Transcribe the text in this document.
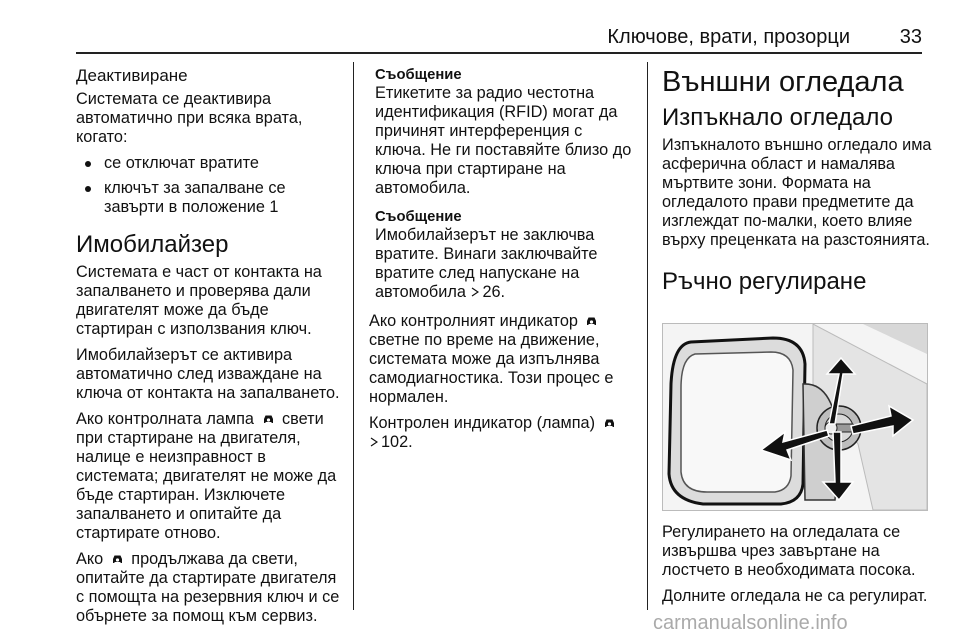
Ключове, врати, прозорци 33
Деактивиране

Системата се деактивира
автоматично при всяка врата,
когато:

се отключат вратите
ключът за запалване се
завърти в положение 1
Имобилайзер

Системата е част от контакта на
запалването и проверява дали
двигателят може да бъде
стартиран с използвания ключ.

Имобилайзерът се активира
автоматично след изваждане на
ключа от контакта на запалването.

Ако контролната лампа свети
при стартиране на двигателя,
налице е неизправност в
системата; двигателят не може да
бъде стартиран. Изключете
запалването и опитайте да
стартирате отново.

Ако продължава да свети,
опитайте да стартирате двигателя
с помощта на резервния ключ и се
обърнете за помощ към сервиз.

Съобщение

Етикетите за радио честотна
идентификация (RFID) могат да
причинят интерференция с
ключа. Не ги поставяйте близо до
ключа при стартиране на
автомобила.

Съобщение

Имобилайзерът не заключва
вратите. Винаги заключвайте
вратите след напускане на
автомобила 26.

Ако контролният индикатор
светне по време на движение,
системата може да изпълнява
самодиагностика. Този процес е
нормален.

Контролен индикатор (лампа)
102.

Външни огледала
Изпъкнало огледало

Изпъкналото външно огледало има
асферична област и намалява
мъртвите зони. Формата на
огледалото прави предметите да
изглеждат по-малки, което влияе
върху преценката на разстоянията.

Ръчно регулиране

Регулирането на огледалата се
извършва чрез завъртане на
лостчето в необходимата посока.

Долните огледала не са регулират.

carmanualsonline.info
